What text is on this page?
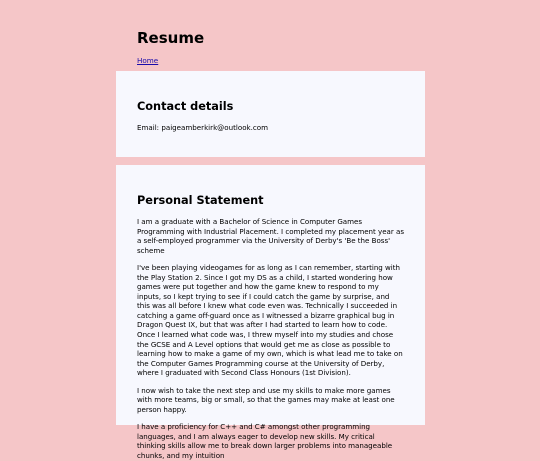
Resume
Home
Contact details

Email: paigeamberkirk@outlook.com

Personal Statement

I am a graduate with a Bachelor of Science in Computer Games Programming with Industrial Placement. I completed my placement year as a self-employed programmer via the University of Derby's 'Be the Boss' scheme

I've been playing videogames for as long as I can remember, starting with the Play Station 2. Since I got my DS as a child, I started wondering how games were put together and how the game knew to respond to my inputs, so I kept trying to see if I could catch the game by surprise, and this was all before I knew what code even was. Technically I succeeded in catching a game off-guard once as I witnessed a bizarre graphical bug in Dragon Quest IX, but that was after I had started to learn how to code. Once I learned what code was, I threw myself into my studies and chose the GCSE and A Level options that would get me as close as possible to learning how to make a game of my own, which is what lead me to take on the Computer Games Programming course at the University of Derby, where I graduated with Second Class Honours (1st Division).

I now wish to take the next step and use my skills to make more games with more teams, big or small, so that the games may make at least one person happy.

I have a proficiency for C++ and C# amongst other programming languages, and I am always eager to develop new skills. My critical thinking skills allow me to break down larger problems into manageable chunks, and my intuition
